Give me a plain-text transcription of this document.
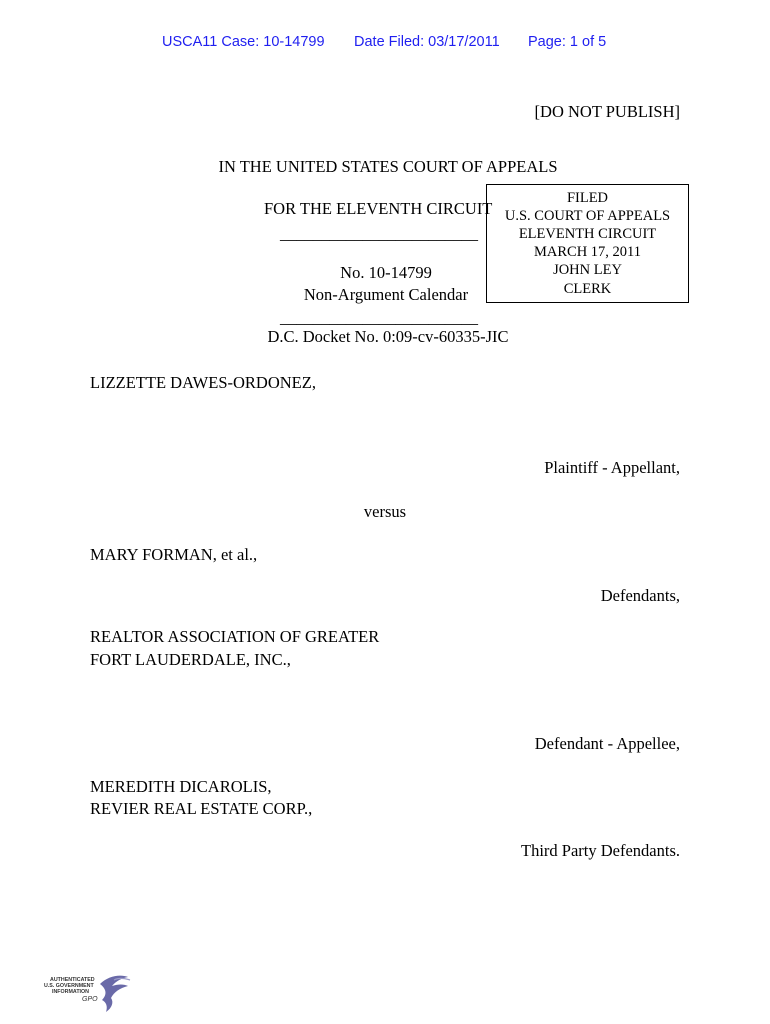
USCA11 Case: 10-14799 Date Filed: 03/17/2011 Page: 1 of 5
[DO NOT PUBLISH]
IN THE UNITED STATES COURT OF APPEALS
FOR THE ELEVENTH CIRCUIT
________________________
No. 10-14799
Non-Argument Calendar
________________________
D.C. Docket No. 0:09-cv-60335-JIC
FILED
U.S. COURT OF APPEALS
ELEVENTH CIRCUIT
MARCH 17, 2011
JOHN LEY
CLERK
LIZZETTE DAWES-ORDONEZ,
Plaintiff - Appellant,
versus
MARY FORMAN, et al.,
Defendants,
REALTOR ASSOCIATION OF GREATER
FORT LAUDERDALE, INC.,
Defendant - Appellee,
MEREDITH DICAROLIS,
REVIER REAL ESTATE CORP.,
Third Party Defendants.
AUTHENTICATED
U.S. GOVERNMENT
INFORMATION
GPO
